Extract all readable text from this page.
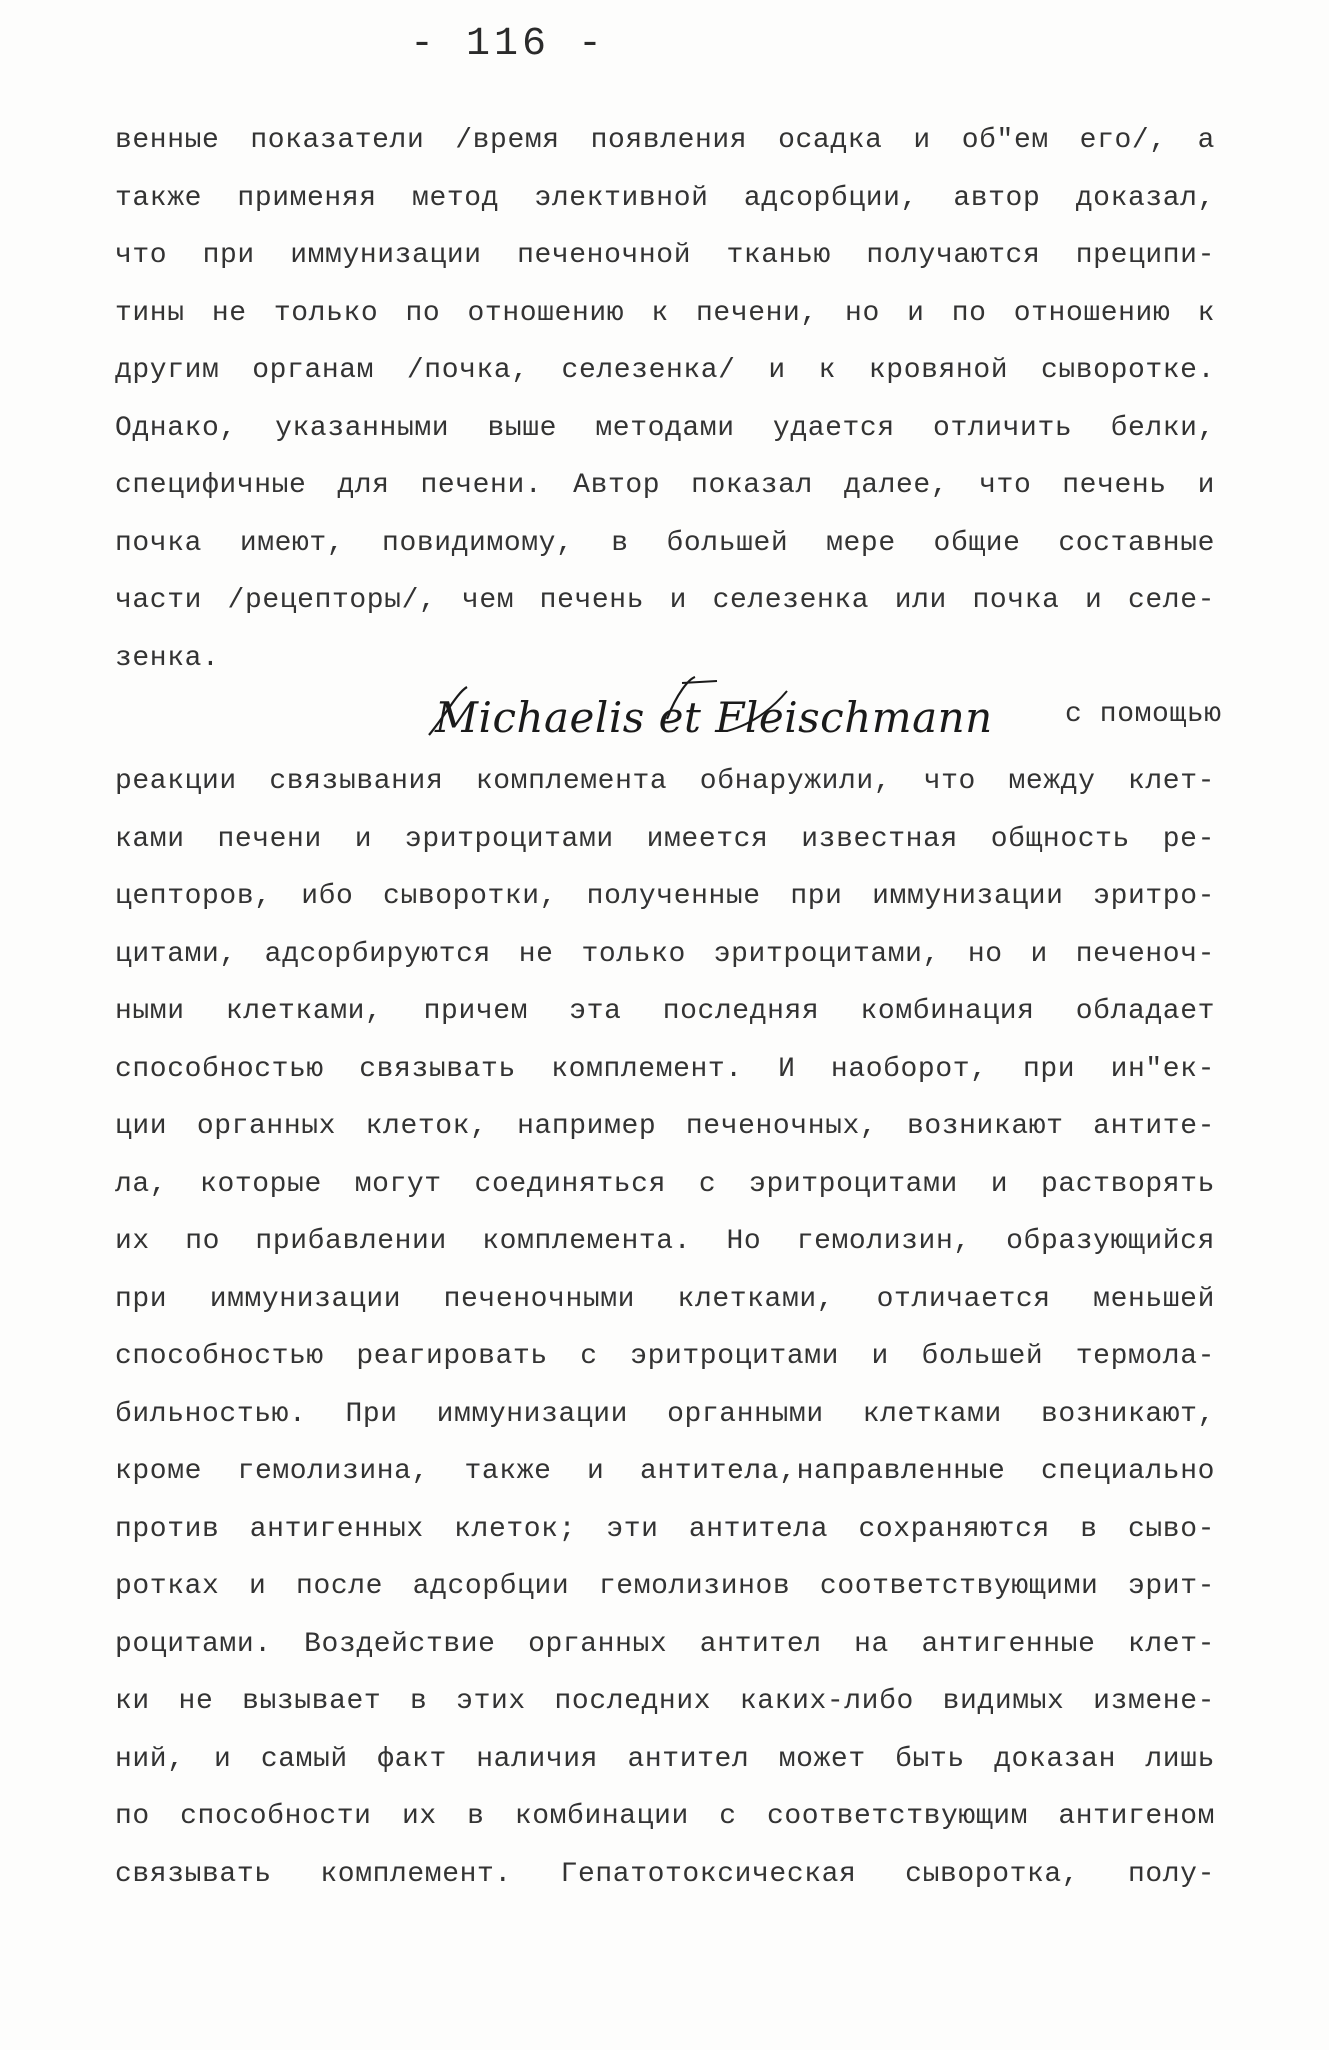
- 116 -
венные показатели /время появления осадка и об"ем его/, а
также применяя метод элективной адсорбции, автор доказал,
что при иммунизации печеночной тканью получаются преципи-
тины не только по отношению к печени, но и по отношению к
другим органам /почка, селезенка/ и к кровяной сыворотке.
Однако, указанными выше методами удается отличить белки,
специфичные для печени. Автор показал далее, что печень и
почка имеют, повидимому, в большей мере общие составные
части /рецепторы/, чем печень и селезенка или почка и селе-
зенка.
Michaelis et Fleischmann	с помощью
реакции связывания комплемента обнаружили, что между клет-
ками печени и эритроцитами имеется известная общность ре-
цепторов, ибо сыворотки, полученные при иммунизации эритро-
цитами, адсорбируются не только эритроцитами, но и печеноч-
ными клетками, причем эта последняя комбинация обладает
способностью связывать комплемент. И наоборот, при ин"ек-
ции органных клеток, например печеночных, возникают антите-
ла, которые могут соединяться с эритроцитами и растворять
их по прибавлении комплемента. Но гемолизин, образующийся
при иммунизации печеночными клетками, отличается меньшей
способностью реагировать с эритроцитами и большей термола-
бильностью. При иммунизации органными клетками возникают,
кроме гемолизина, также и антитела,направленные специально
против антигенных клеток; эти антитела сохраняются в сыво-
ротках и после адсорбции гемолизинов соответствующими эрит-
роцитами. Воздействие органных антител на антигенные клет-
ки не вызывает в этих последних каких-либо видимых измене-
ний, и самый факт наличия антител может быть доказан лишь
по способности их в комбинации с соответствующим антигеном
связывать комплемент. Гепатотоксическая сыворотка, полу-
